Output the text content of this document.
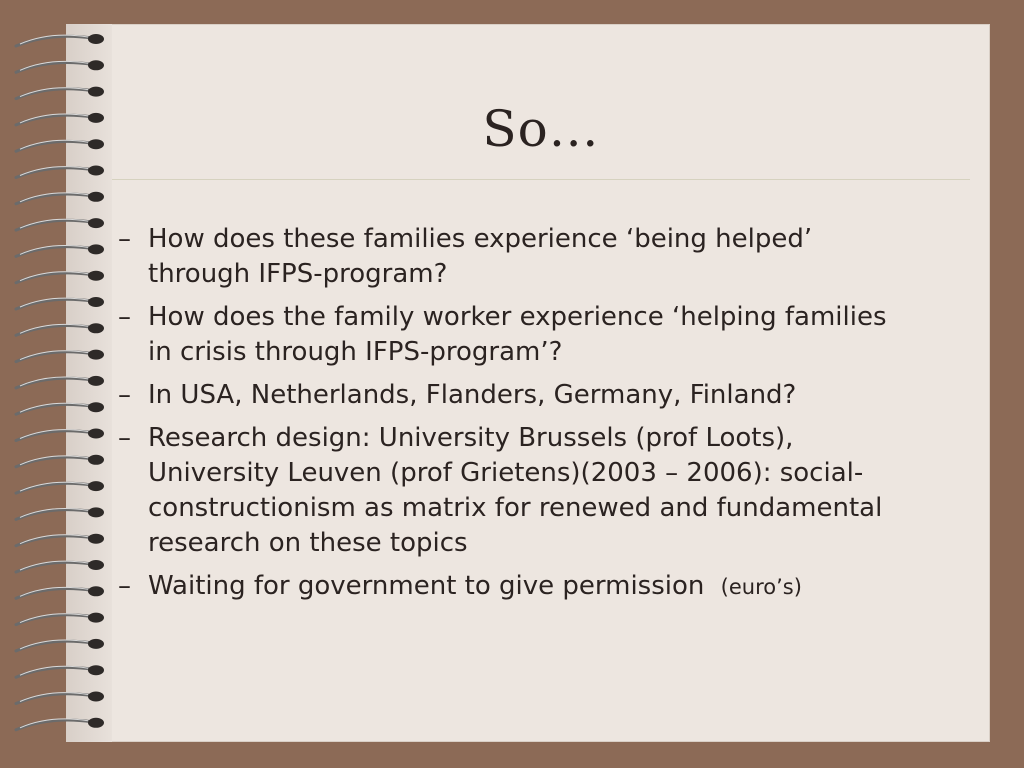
So…
– How does these families experience ‘being helped’ through IFPS-program?
– How does the family worker experience ‘helping families in crisis through IFPS-program’?
– In USA, Netherlands, Flanders, Germany, Finland?
– Research design: University Brussels (prof Loots), University Leuven (prof Grietens)(2003 – 2006): social-constructionism as matrix for renewed and fundamental research on these topics
– Waiting for government to give permission (euro’s)
